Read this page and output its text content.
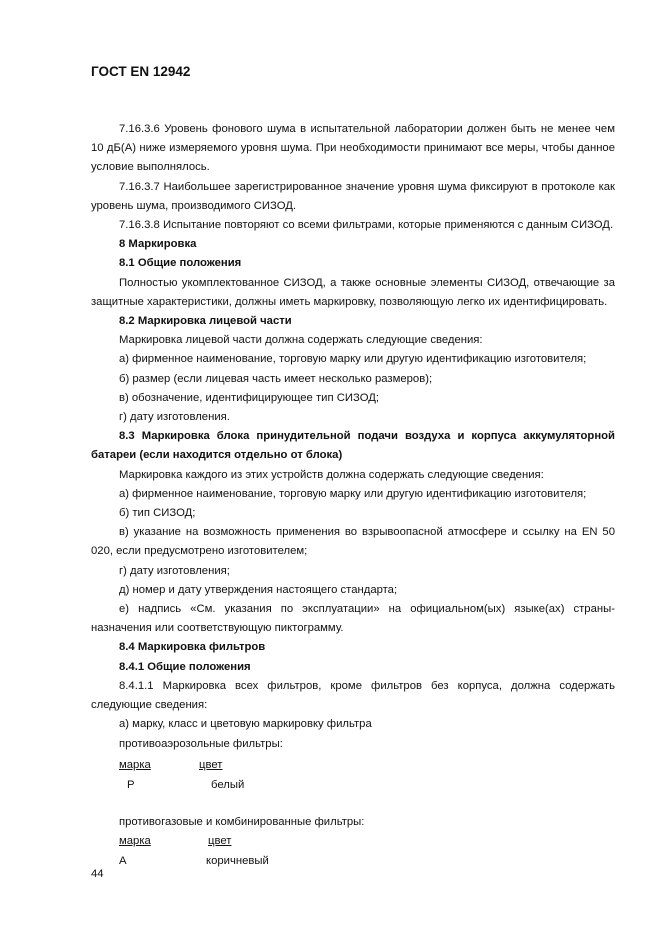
ГОСТ EN 12942

7.16.3.6 Уровень фонового шума в испытательной лаборатории должен быть не менее чем

10 дБ(А) ниже измеряемого уровня шума. При необходимости принимают все меры, чтобы данное условие выполнялось.

7.16.3.7 Наибольшее зарегистрированное значение уровня шума фиксируют в протоколе как

уровень шума, производимого СИЗОД.

7.16.3.8 Испытание повторяют со всеми фильтрами, которые применяются с данным СИЗОД.

8 Маркировка

8.1 Общие положения

Полностью укомплектованное СИЗОД, а также основные элементы СИЗОД, отвечающие за защитные характеристики, должны иметь маркировку, позволяющую легко их идентифицировать.

8.2 Маркировка лицевой части

Маркировка лицевой части должна содержать следующие сведения:

а) фирменное наименование, торговую марку или другую идентификацию изготовителя;

б) размер (если лицевая часть имеет несколько размеров);

в) обозначение, идентифицирующее тип СИЗОД;

г) дату изготовления.

8.3 Маркировка блока принудительной подачи воздуха и корпуса аккумуляторной батареи (если находится отдельно от блока)

Маркировка каждого из этих устройств должна содержать следующие сведения:

а) фирменное наименование, торговую марку или другую идентификацию изготовителя;

б) тип СИЗОД;

в) указание на возможность применения во взрывоопасной атмосфере и ссылку на EN 50 020, если предусмотрено изготовителем;

г) дату изготовления;

д) номер и дату утверждения настоящего стандарта;

е) надпись «См. указания по эксплуатации» на официальном(ых) языке(ах) страны-назначения или соответствующую пиктограмму.

8.4 Маркировка фильтров

8.4.1 Общие положения

8.4.1.1 Маркировка всех фильтров, кроме фильтров без корпуса, должна содержать следующие сведения:

а) марку, класс и цветовую маркировку фильтра

противоаэрозольные фильтры:

марка	цвет
Р	белый

противогазовые и комбинированные фильтры:

марка	цвет
А	коричневый
44
